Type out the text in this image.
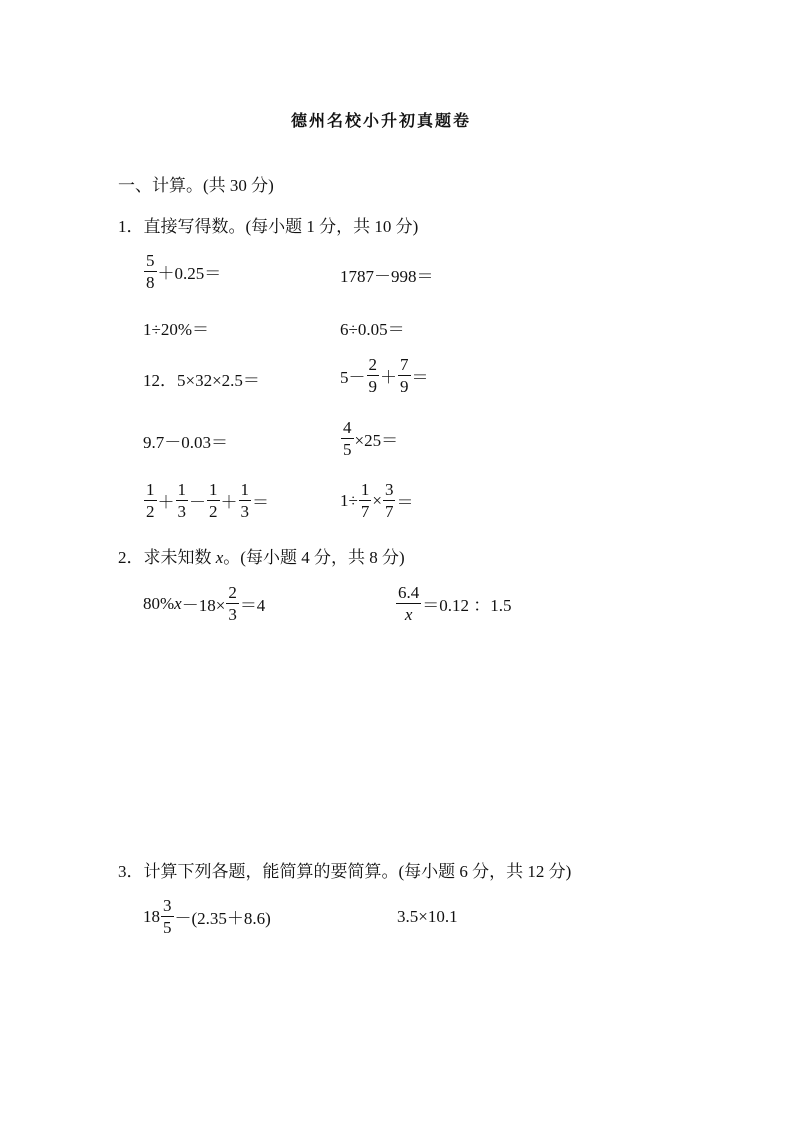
德州名校小升初真题卷
一、计算。(共 30 分)
1．直接写得数。(每小题 1 分，共 10 分)
$\frac{5}{8} +0.25=$	1787－998＝
1÷20%＝	6÷0.05＝
12．5×32×2.5＝	$5- \frac{2}{9} + \frac{7}{9}$ ＝
9.7－0.03＝	$\frac{4}{5} \times 25=$
$\frac{1}{2} + \frac{1}{3} - \frac{1}{2} + \frac{1}{3}$ ＝	$1\div \frac{1}{7} \times \frac{3}{7}$ ＝
2．求未知数 x。(每小题 4 分，共 8 分)
80% $x -18\times \frac{2}{3} =4$	$\frac{6.4}{x} =0.12$ ：1.5
3．计算下列各题，能简算的要简算。(每小题 6 分，共 12 分)
$18 \frac{3}{5} -(2.35+8.6)$	3.5×10.1
